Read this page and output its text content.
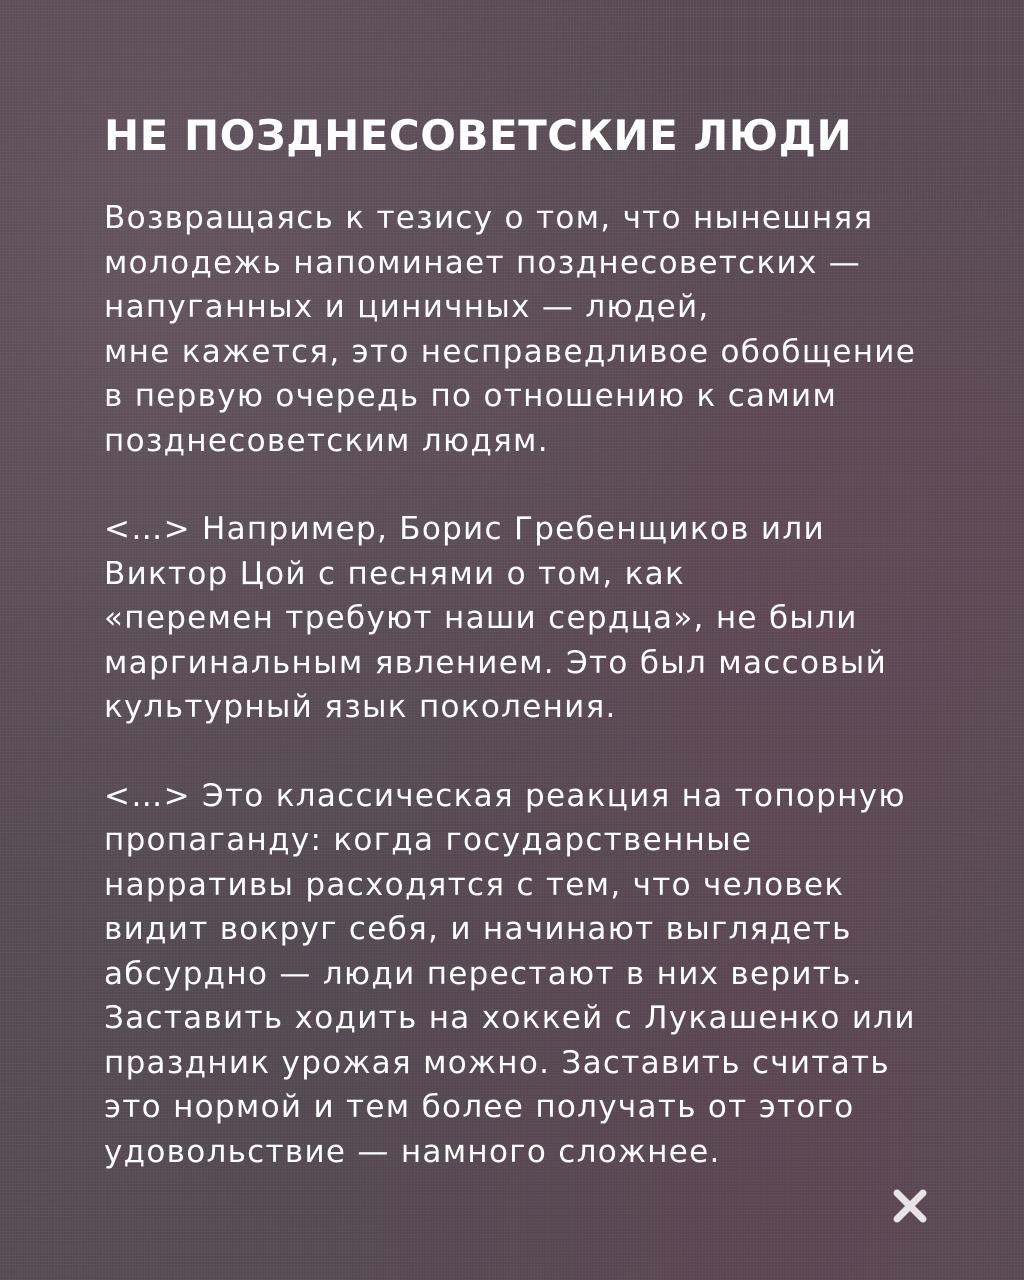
НЕ ПОЗДНЕСОВЕТСКИЕ ЛЮДИ

Возвращаясь к тезису о том, что нынешняя
молодежь напоминает позднесоветских —
напуганных и циничных — людей,
мне кажется, это несправедливое обобщение
в первую очередь по отношению к самим
позднесоветским людям.

<…> Например, Борис Гребенщиков или
Виктор Цой с песнями о том, как
«перемен требуют наши сердца», не были
маргинальным явлением. Это был массовый
культурный язык поколения.

<…> Это классическая реакция на топорную
пропаганду: когда государственные
нарративы расходятся с тем, что человек
видит вокруг себя, и начинают выглядеть
абсурдно — люди перестают в них верить.
Заставить ходить на хоккей с Лукашенко или
праздник урожая можно. Заставить считать
это нормой и тем более получать от этого
удовольствие — намного сложнее.
